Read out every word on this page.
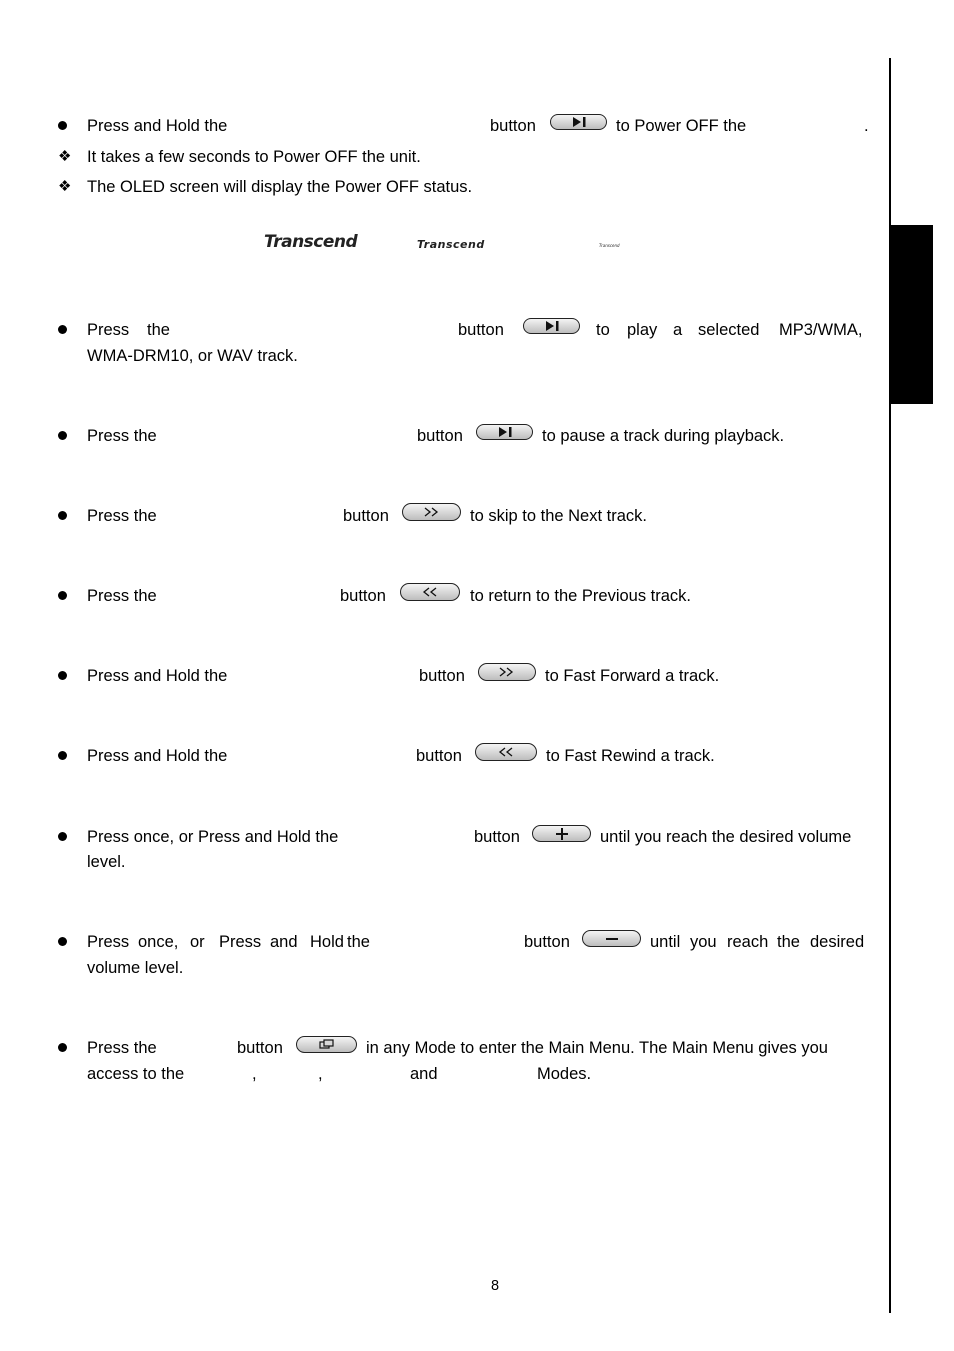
Press and Hold the	button	to Power OFF the	.
❖ It takes a few seconds to Power OFF the unit.
❖ The OLED screen will display the Power OFF status.
Transcend	Transcend	Transcend
Press the	button	to play a selected MP3/WMA,
WMA-DRM10, or WAV track.
Press the	button	to pause a track during playback.
Press the	button	to skip to the Next track.
Press the	button	to return to the Previous track.
Press and Hold the	button	to Fast Forward a track.
Press and Hold the	button	to Fast Rewind a track.
Press once, or Press and Hold the	button	until you reach the desired volume
level.
Press once, or Press and Hold the	button	until you reach the desired
volume level.
Press the	button	in any Mode to enter the Main Menu. The Main Menu gives you
access to the	,	,	and	Modes.
8
